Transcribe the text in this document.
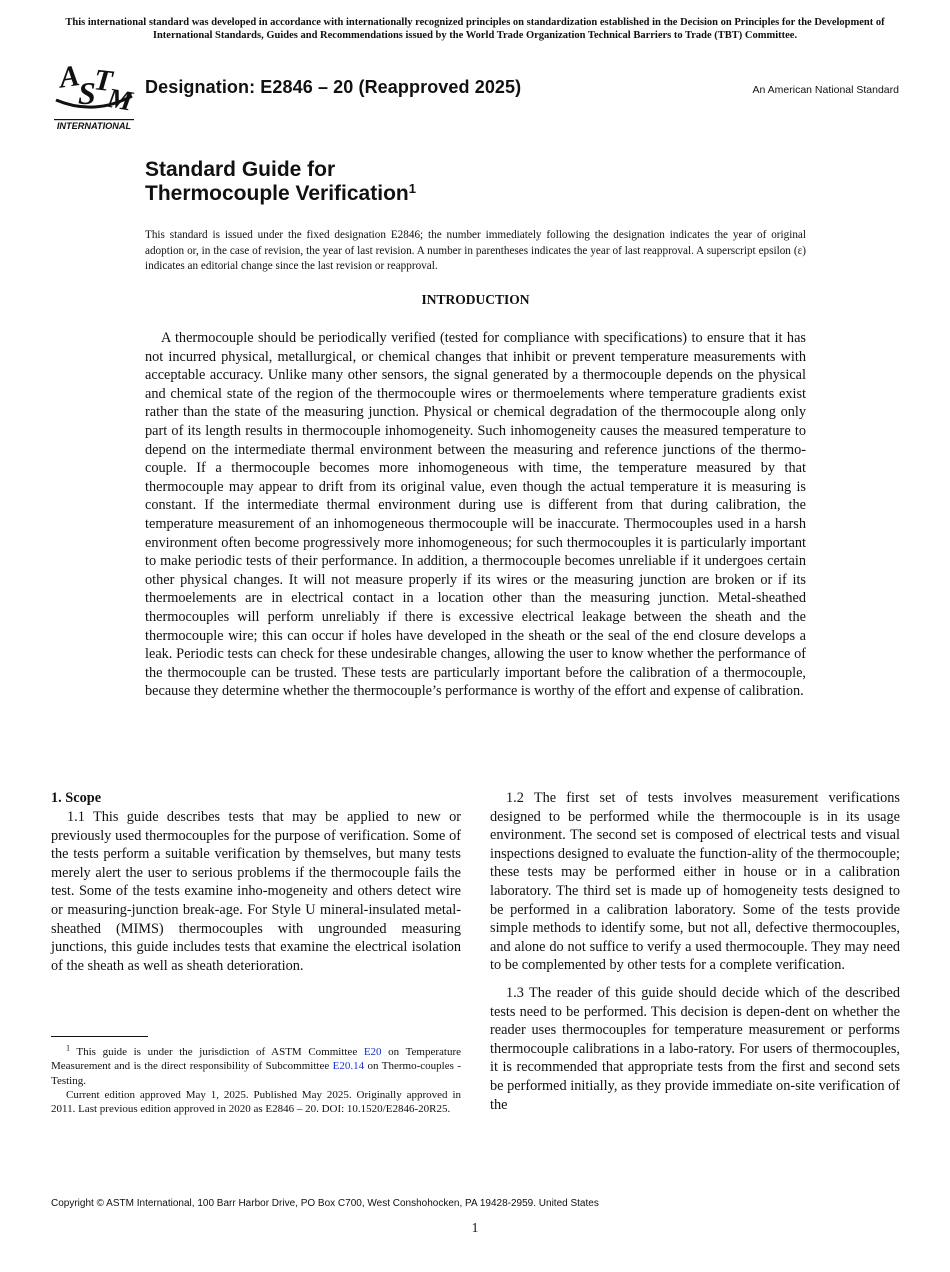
This international standard was developed in accordance with internationally recognized principles on standardization established in the Decision on Principles for the Development of International Standards, Guides and Recommendations issued by the World Trade Organization Technical Barriers to Trade (TBT) Committee.
A
S
T
M
INTERNATIONAL
Designation: E2846 – 20 (Reapproved 2025)	An American National Standard
Standard Guide for
Thermocouple Verification$^1$
This standard is issued under the fixed designation E2846; the number immediately following the designation indicates the year of original adoption or, in the case of revision, the year of last revision. A number in parentheses indicates the year of last reapproval. A superscript epsilon (ε) indicates an editorial change since the last revision or reapproval.
INTRODUCTION

A thermocouple should be periodically verified (tested for compliance with specifications) to ensure that it has not incurred physical, metallurgical, or chemical changes that inhibit or prevent temperature measurements with acceptable accuracy. Unlike many other sensors, the signal generated by a thermocouple depends on the physical and chemical state of the region of the thermocouple wires or thermoelements where temperature gradients exist rather than the state of the measuring junction. Physical or chemical degradation of the thermocouple along only part of its length results in thermocouple inhomogeneity. Such inhomogeneity causes the measured temperature to depend on the intermediate thermal environment between the measuring and reference junctions of the thermo-couple. If a thermocouple becomes more inhomogeneous with time, the temperature measured by that thermocouple may appear to drift from its original value, even though the actual temperature it is measuring is constant. If the intermediate thermal environment during use is different from that during calibration, the temperature measurement of an inhomogeneous thermocouple will be inaccurate. Thermocouples used in a harsh environment often become progressively more inhomogeneous; for such thermocouples it is particularly important to make periodic tests of their performance. In addition, a thermocouple becomes unreliable if it undergoes certain other physical changes. It will not measure properly if its wires or the measuring junction are broken or if its thermoelements are in electrical contact in a location other than the measuring junction. Metal-sheathed thermocouples will perform unreliably if there is excessive electrical leakage between the sheath and the thermocouple wire; this can occur if holes have developed in the sheath or the seal of the end closure develops a leak. Periodic tests can check for these undesirable changes, allowing the user to know whether the performance of the thermocouple can be trusted. These tests are particularly important before the calibration of a thermocouple, because they determine whether the thermocouple’s performance is worthy of the effort and expense of calibration.

1. Scope

1.1 This guide describes tests that may be applied to new or previously used thermocouples for the purpose of verification. Some of the tests perform a suitable verification by themselves, but many tests merely alert the user to serious problems if the thermocouple fails the test. Some of the tests examine inho-mogeneity and others detect wire or measuring-junction break-age. For Style U mineral-insulated metal-sheathed (MIMS) thermocouples with ungrounded measuring junctions, this guide includes tests that examine the electrical isolation of the sheath as well as sheath deterioration.

1.2 The first set of tests involves measurement verifications designed to be performed while the thermocouple is in its usage environment. The second set is composed of electrical tests and visual inspections designed to evaluate the function-ality of the thermocouple; these tests may be performed either in house or in a calibration laboratory. The third set is made up of homogeneity tests designed to be performed in a calibration laboratory. Some of the tests provide simple methods to identify some, but not all, defective thermocouples, and alone do not suffice to verify a used thermocouple. They may need to be complemented by other tests for a complete verification.

1.3 The reader of this guide should decide which of the described tests need to be performed. This decision is depen-dent on whether the reader uses thermocouples for temperature measurement or performs thermocouple calibrations in a labo-ratory. For users of thermocouples, it is recommended that appropriate tests from the first and second sets be performed initially, as they provide immediate on-site verification of the

$^1$ This guide is under the jurisdiction of ASTM Committee E20 on Temperature Measurement and is the direct responsibility of Subcommittee E20.14 on Thermo-couples - Testing.

Current edition approved May 1, 2025. Published May 2025. Originally approved in 2011. Last previous edition approved in 2020 as E2846 – 20. DOI: 10.1520/E2846-20R25.

Copyright © ASTM International, 100 Barr Harbor Drive, PO Box C700, West Conshohocken, PA 19428-2959. United States
1
